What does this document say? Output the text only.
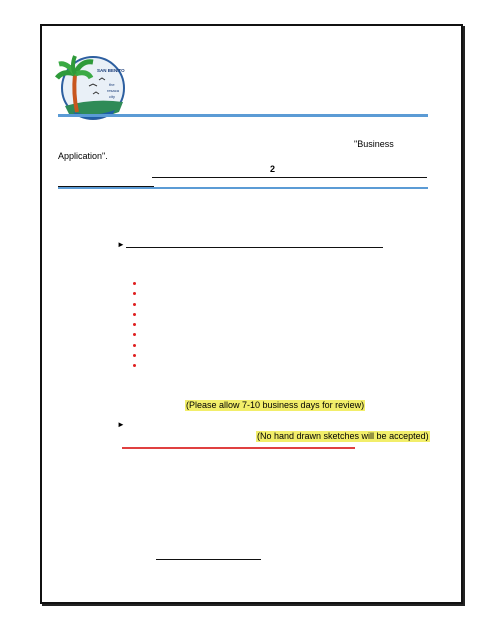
SAN BENITO
the
resaca
city
"Business
Application".
2
►
(Please allow 7-10 business days for review)
►
(No hand drawn sketches will be accepted)
